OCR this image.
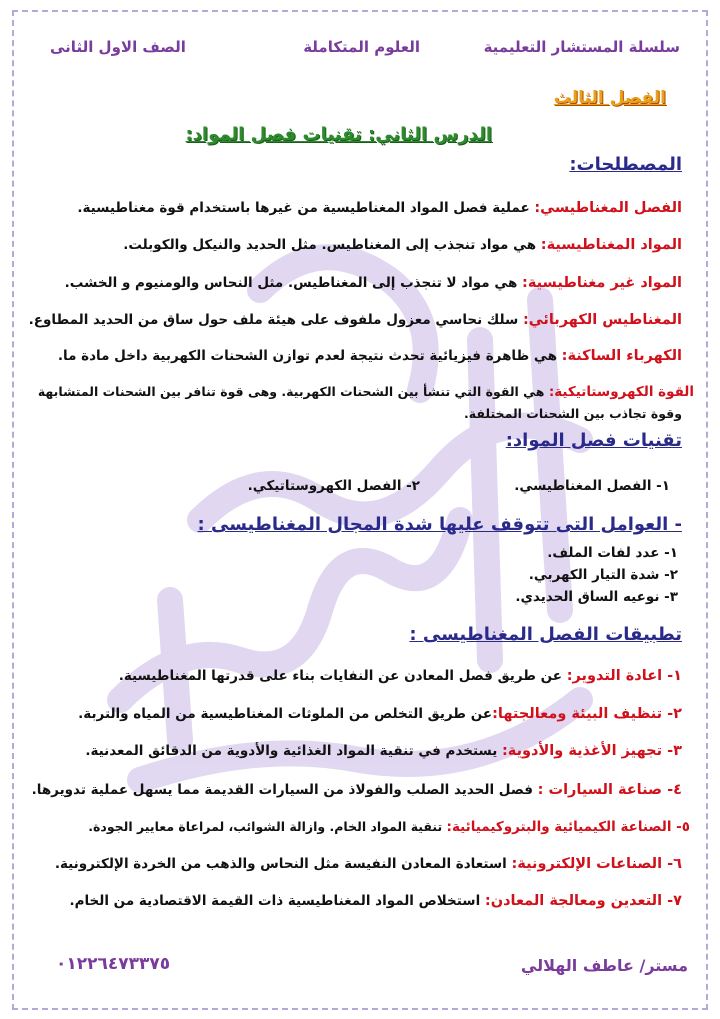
سلسلة المستشار التعليمية
العلوم المتكاملة
الصف الاول الثانى
الفصل الثالث
الدرس الثاني: تقنيات فصل المواد:
المصطلحات:
الفصل المغناطيسي: عملية فصل المواد المغناطيسية من غيرها باستخدام قوة مغناطيسية.
المواد المغناطيسية: هي مواد تنجذب إلى المغناطيس. مثل الحديد والنيكل والكوبلت.
المواد غير مغناطيسية: هي مواد لا تنجذب إلى المغناطيس. مثل النحاس والومنيوم و الخشب.
المغناطيس الكهربائي: سلك نحاسي معزول ملفوف على هيئة ملف حول ساق من الحديد المطاوع.
الكهرباء الساكنة: هي ظاهرة فيزيائية تحدث نتيجة لعدم توازن الشحنات الكهربية داخل مادة ما.
القوة الكهروستاتيكية: هي القوة التي تنشأ بين الشحنات الكهربية. وهى قوة تنافر بين الشحنات المتشابهة
وقوة تجاذب بين الشحنات المختلفة.
تقنيات فصل المواد:
١- الفصل المغناطيسي.
٢- الفصل الكهروستاتيكي.
- العوامل التى تتوقف عليها شدة المجال المغناطيسى :
١- عدد لفات الملف.
٢- شدة التيار الكهربي.
٣- نوعيه الساق الحديدي.
تطبيقات الفصل المغناطيسى :
١- اعادة التدوير: عن طريق فصل المعادن عن النفايات بناء على قدرتها المغناطيسية.
٢- تنظيف البيئة ومعالجتها:عن طريق التخلص من الملوثات المغناطيسية من المياه والتربة.
٣- تجهيز الأغذية والأدوية: يستخدم في تنقية المواد الغذائية والأدوية من الدقائق المعدنية.
٤- صناعة السيارات : فصل الحديد الصلب والفولاذ من السيارات القديمة مما يسهل عملية تدويرها.
٥- الصناعة الكيميائية والبتروكيميائية: تنقية المواد الخام. وازالة الشوائب، لمراعاة معايير الجودة.
٦- الصناعات الإلكترونية: استعادة المعادن النفيسة مثل النحاس والذهب من الخردة الإلكترونية.
٧- التعدين ومعالجة المعادن: استخلاص المواد المغناطيسية ذات القيمة الاقتصادية من الخام.
مستر/ عاطف الهلالي
٠١٢٢٦٤٧٣٣٧٥
